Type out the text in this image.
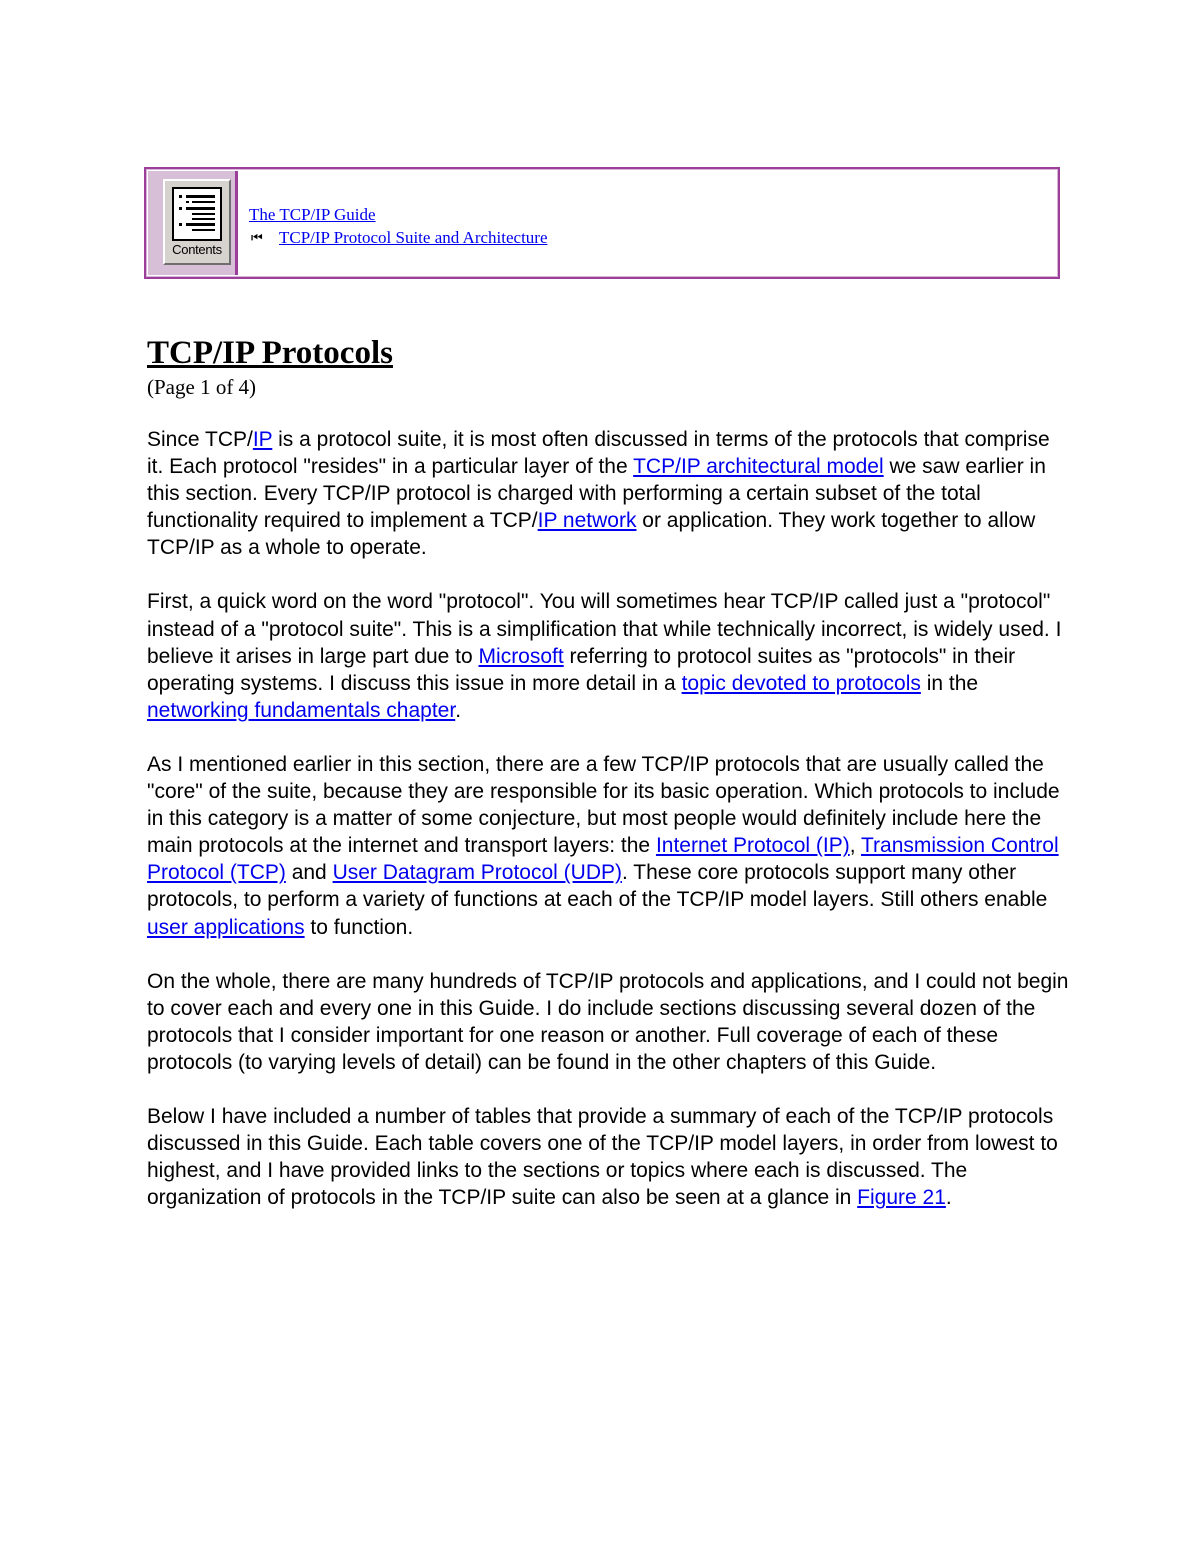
Contents
The TCP/IP Guide
⏮	TCP/IP Protocol Suite and Architecture
TCP/IP Protocols
(Page 1 of 4)

Since TCP/IP is a protocol suite, it is most often discussed in terms of the protocols that comprise it. Each protocol "resides" in a particular layer of the TCP/IP architectural model we saw earlier in this section. Every TCP/IP protocol is charged with performing a certain subset of the total functionality required to implement a TCP/IP network or application. They work together to allow TCP/IP as a whole to operate.

First, a quick word on the word "protocol". You will sometimes hear TCP/IP called just a "protocol" instead of a "protocol suite". This is a simplification that while technically incorrect, is widely used. I believe it arises in large part due to Microsoft referring to protocol suites as "protocols" in their operating systems. I discuss this issue in more detail in a topic devoted to protocols in the networking fundamentals chapter.

As I mentioned earlier in this section, there are a few TCP/IP protocols that are usually called the "core" of the suite, because they are responsible for its basic operation. Which protocols to include in this category is a matter of some conjecture, but most people would definitely include here the main protocols at the internet and transport layers: the Internet Protocol (IP), Transmission Control Protocol (TCP) and User Datagram Protocol (UDP). These core protocols support many other protocols, to perform a variety of functions at each of the TCP/IP model layers. Still others enable user applications to function.

On the whole, there are many hundreds of TCP/IP protocols and applications, and I could not begin to cover each and every one in this Guide. I do include sections discussing several dozen of the protocols that I consider important for one reason or another. Full coverage of each of these protocols (to varying levels of detail) can be found in the other chapters of this Guide.

Below I have included a number of tables that provide a summary of each of the TCP/IP protocols discussed in this Guide. Each table covers one of the TCP/IP model layers, in order from lowest to highest, and I have provided links to the sections or topics where each is discussed. The organization of protocols in the TCP/IP suite can also be seen at a glance in Figure 21.
